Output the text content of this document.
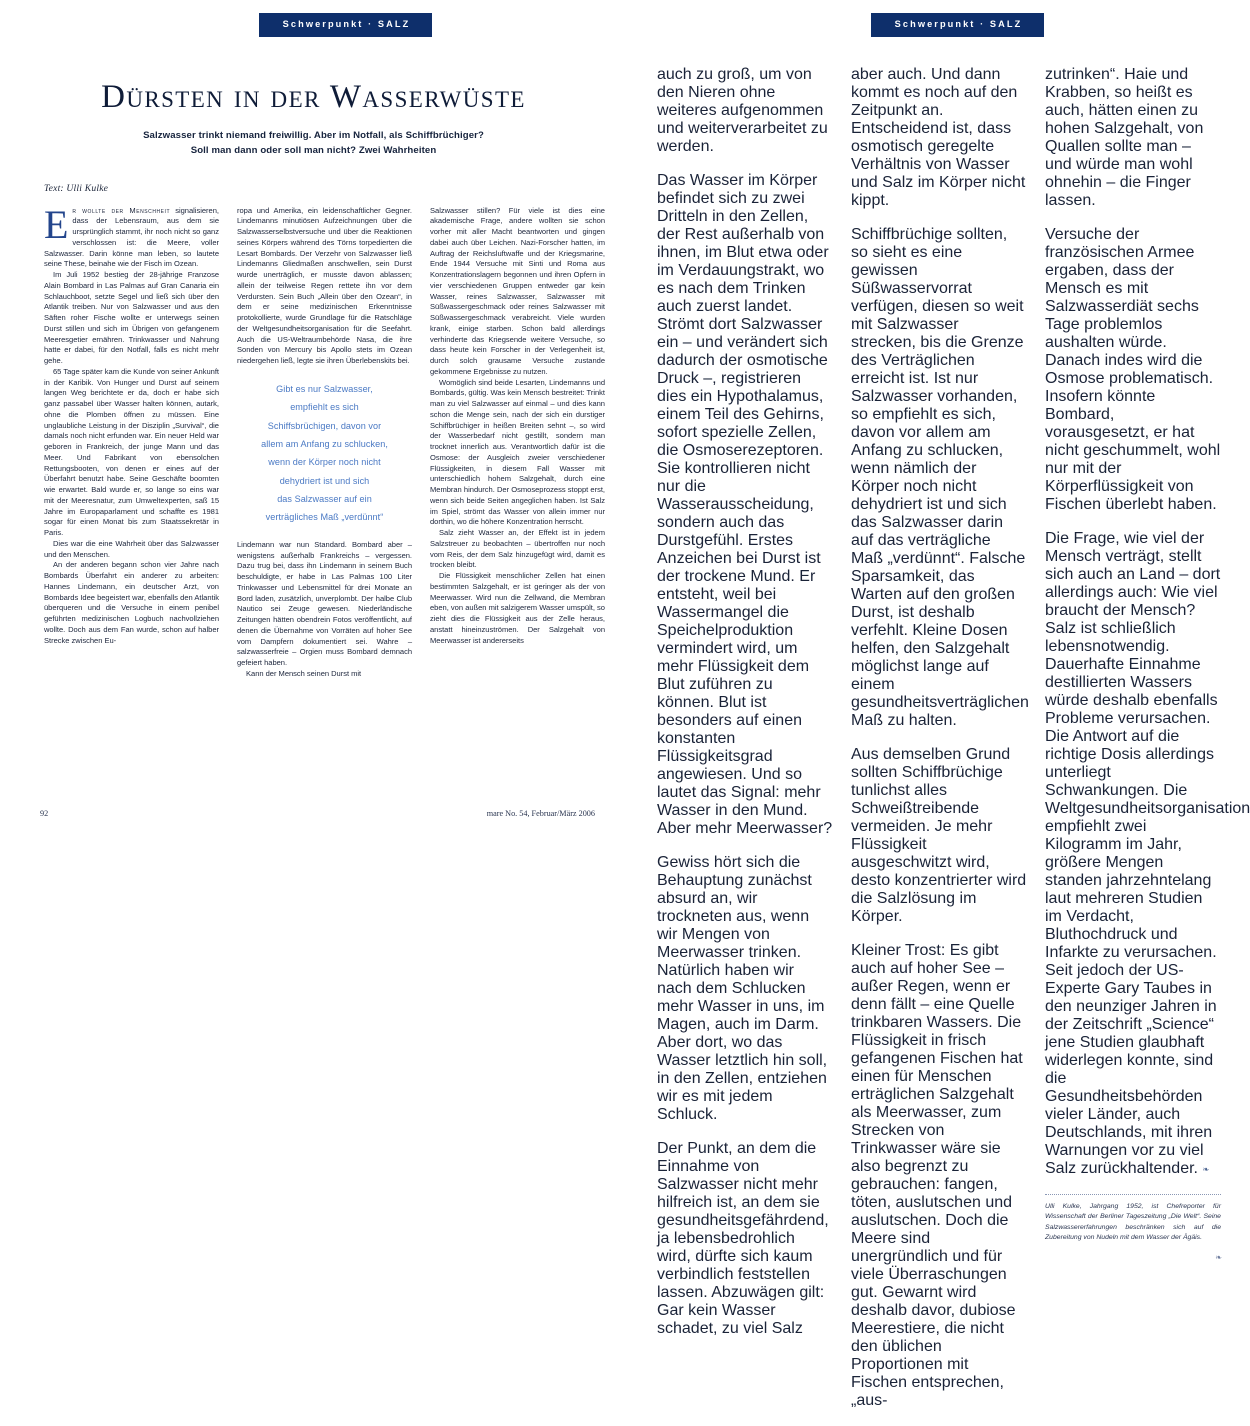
Schwerpunkt · SALZ
Dürsten in der Wasserwüste
Salzwasser trinkt niemand freiwillig. Aber im Notfall, als Schiffbrüchiger?
Soll man dann oder soll man nicht? Zwei Wahrheiten
Text: Ulli Kulke

Er wollte der Menschheit signalisieren, dass der Lebensraum, aus dem sie ursprünglich stammt, ihr noch nicht so ganz verschlossen ist: die Meere, voller Salzwasser. Darin könne man leben, so lautete seine These, beinahe wie der Fisch im Ozean.

Im Juli 1952 bestieg der 28-jährige Franzose Alain Bombard in Las Palmas auf Gran Canaria ein Schlauchboot, setzte Segel und ließ sich über den Atlantik treiben. Nur von Salzwasser und aus den Säften roher Fische wollte er unterwegs seinen Durst stillen und sich im Übrigen von gefangenem Meeresgetier ernähren. Trinkwasser und Nahrung hatte er dabei, für den Notfall, falls es nicht mehr gehe.

65 Tage später kam die Kunde von seiner Ankunft in der Karibik. Von Hunger und Durst auf seinem langen Weg berichtete er da, doch er habe sich ganz passabel über Wasser halten können, autark, ohne die Plomben öffnen zu müssen. Eine unglaubliche Leistung in der Disziplin „Survival“, die damals noch nicht erfunden war. Ein neuer Held war geboren in Frankreich, der junge Mann und das Meer. Und Fabrikant von ebensolchen Rettungsbooten, von denen er eines auf der Überfahrt benutzt habe. Seine Geschäfte boomten wie erwartet. Bald wurde er, so lange so eins war mit der Meeresnatur, zum Umweltexperten, saß 15 Jahre im Europaparlament und schaffte es 1981 sogar für einen Monat bis zum Staatssekretär in Paris.

Dies war die eine Wahrheit über das Salzwasser und den Menschen.

An der anderen begann schon vier Jahre nach Bombards Überfahrt ein anderer zu arbeiten: Hannes Lindemann, ein deutscher Arzt, von Bombards Idee begeistert war, ebenfalls den Atlantik überqueren und die Versuche in einem penibel geführten medizinischen Logbuch nachvollziehen wollte. Doch aus dem Fan wurde, schon auf halber Strecke zwischen Eu-

ropa und Amerika, ein leidenschaftlicher Gegner. Lindemanns minutiösen Aufzeichnungen über die Salzwasserselbstversuche und über die Reaktionen seines Körpers während des Törns torpedierten die Lesart Bombards. Der Verzehr von Salzwasser ließ Lindemanns Gliedmaßen anschwellen, sein Durst wurde unerträglich, er musste davon ablassen; allein der teilweise Regen rettete ihn vor dem Verdursten. Sein Buch „Allein über den Ozean“, in dem er seine medizinischen Erkenntnisse protokollierte, wurde Grundlage für die Ratschläge der Weltgesundheitsorganisation für die Seefahrt. Auch die US-Weltraumbehörde Nasa, die ihre Sonden von Mercury bis Apollo stets im Ozean niedergehen ließ, legte sie ihren Überlebenskits bei.

Gibt es nur Salzwasser,
empfiehlt es sich
Schiffsbrüchigen, davon vor
allem am Anfang zu schlucken,
wenn der Körper noch nicht
dehydriert ist und sich
das Salzwasser auf ein
verträgliches Maß „verdünnt“

Lindemann war nun Standard. Bombard aber – wenigstens außerhalb Frankreichs – vergessen. Dazu trug bei, dass ihn Lindemann in seinem Buch beschuldigte, er habe in Las Palmas 100 Liter Trinkwasser und Lebensmittel für drei Monate an Bord laden, zusätzlich, unverplombt. Der halbe Club Nautico sei Zeuge gewesen. Niederländische Zeitungen hätten obendrein Fotos veröffentlicht, auf denen die Übernahme von Vorräten auf hoher See vom Dampfern dokumentiert sei. Wahre – salzwasserfreie – Orgien muss Bombard demnach gefeiert haben.

Kann der Mensch seinen Durst mit

Salzwasser stillen? Für viele ist dies eine akademische Frage, andere wollten sie schon vorher mit aller Macht beantworten und gingen dabei auch über Leichen. Nazi-Forscher hatten, im Auftrag der Reichsluftwaffe und der Kriegsmarine, Ende 1944 Versuche mit Sinti und Roma aus Konzentrationslagern begonnen und ihren Opfern in vier verschiedenen Gruppen entweder gar kein Wasser, reines Salzwasser, Salzwasser mit Süßwassergeschmack oder reines Salzwasser mit Süßwassergeschmack verabreicht. Viele wurden krank, einige starben. Schon bald allerdings verhinderte das Kriegsende weitere Versuche, so dass heute kein Forscher in der Verlegenheit ist, durch solch grausame Versuche zustande gekommene Ergebnisse zu nutzen.

Womöglich sind beide Lesarten, Lindemanns und Bombards, gültig. Was kein Mensch bestreitet: Trinkt man zu viel Salzwasser auf einmal – und dies kann schon die Menge sein, nach der sich ein durstiger Schiffbrüchiger in heißen Breiten sehnt –, so wird der Wasserbedarf nicht gestillt, sondern man trocknet innerlich aus. Verantwortlich dafür ist die Osmose: der Ausgleich zweier verschiedener Flüssigkeiten, in diesem Fall Wasser mit unterschiedlich hohem Salzgehalt, durch eine Membran hindurch. Der Osmoseprozess stoppt erst, wenn sich beide Seiten angeglichen haben. Ist Salz im Spiel, strömt das Wasser von allein immer nur dorthin, wo die höhere Konzentration herrscht.

Salz zieht Wasser an, der Effekt ist in jedem Salzstreuer zu beobachten – übertroffen nur noch vom Reis, der dem Salz hinzugefügt wird, damit es trocken bleibt.

Die Flüssigkeit menschlicher Zellen hat einen bestimmten Salzgehalt, er ist geringer als der von Meerwasser. Wird nun die Zellwand, die Membran eben, von außen mit salzigerem Wasser umspült, so zieht dies die Flüssigkeit aus der Zelle heraus, anstatt hineinzuströmen. Der Salzgehalt von Meerwasser ist andererseits

92	mare No. 54, Februar/März 2006
Schwerpunkt · SALZ

auch zu groß, um von den Nieren ohne weiteres aufgenommen und weiterverarbeitet zu werden.

Das Wasser im Körper befindet sich zu zwei Dritteln in den Zellen, der Rest außerhalb von ihnen, im Blut etwa oder im Verdauungstrakt, wo es nach dem Trinken auch zuerst landet. Strömt dort Salzwasser ein – und verändert sich dadurch der osmotische Druck –, registrieren dies ein Hypothalamus, einem Teil des Gehirns, sofort spezielle Zellen, die Osmoserezeptoren. Sie kontrollieren nicht nur die Wasserausscheidung, sondern auch das Durstgefühl. Erstes Anzeichen bei Durst ist der trockene Mund. Er entsteht, weil bei Wassermangel die Speichelproduktion vermindert wird, um mehr Flüssigkeit dem Blut zuführen zu können. Blut ist besonders auf einen konstanten Flüssigkeitsgrad angewiesen. Und so lautet das Signal: mehr Wasser in den Mund. Aber mehr Meerwasser?

Gewiss hört sich die Behauptung zunächst absurd an, wir trockneten aus, wenn wir Mengen von Meerwasser trinken. Natürlich haben wir nach dem Schlucken mehr Wasser in uns, im Magen, auch im Darm. Aber dort, wo das Wasser letztlich hin soll, in den Zellen, entziehen wir es mit jedem Schluck.

Der Punkt, an dem die Einnahme von Salzwasser nicht mehr hilfreich ist, an dem sie gesundheitsgefährdend, ja lebensbedrohlich wird, dürfte sich kaum verbindlich feststellen lassen. Abzuwägen gilt: Gar kein Wasser schadet, zu viel Salz

aber auch. Und dann kommt es noch auf den Zeitpunkt an. Entscheidend ist, dass osmotisch geregelte Verhältnis von Wasser und Salz im Körper nicht kippt.

Schiffbrüchige sollten, so sieht es eine gewissen Süßwasservorrat verfügen, diesen so weit mit Salzwasser strecken, bis die Grenze des Verträglichen erreicht ist. Ist nur Salzwasser vorhanden, so empfiehlt es sich, davon vor allem am Anfang zu schlucken, wenn nämlich der Körper noch nicht dehydriert ist und sich das Salzwasser darin auf das verträgliche Maß „verdünnt“. Falsche Sparsamkeit, das Warten auf den großen Durst, ist deshalb verfehlt. Kleine Dosen helfen, den Salzgehalt möglichst lange auf einem gesundheitsverträglichen Maß zu halten.

Aus demselben Grund sollten Schiffbrüchige tunlichst alles Schweißtreibende vermeiden. Je mehr Flüssigkeit ausgeschwitzt wird, desto konzentrierter wird die Salzlösung im Körper.

Kleiner Trost: Es gibt auch auf hoher See – außer Regen, wenn er denn fällt – eine Quelle trinkbaren Wassers. Die Flüssigkeit in frisch gefangenen Fischen hat einen für Menschen erträglichen Salzgehalt als Meerwasser, zum Strecken von Trinkwasser wäre sie also begrenzt zu gebrauchen: fangen, töten, auslutschen und auslutschen. Doch die Meere sind unergründlich und für viele Überraschungen gut. Gewarnt wird deshalb davor, dubiose Meerestiere, die nicht den üblichen Proportionen mit Fischen entsprechen, „aus-

zutrinken“. Haie und Krabben, so heißt es auch, hätten einen zu hohen Salzgehalt, von Quallen sollte man – und würde man wohl ohnehin – die Finger lassen.

Versuche der französischen Armee ergaben, dass der Mensch es mit Salzwasserdiät sechs Tage problemlos aushalten würde. Danach indes wird die Osmose problematisch. Insofern könnte Bombard, vorausgesetzt, er hat nicht geschummelt, wohl nur mit der Körperflüssigkeit von Fischen überlebt haben.

Die Frage, wie viel der Mensch verträgt, stellt sich auch an Land – dort allerdings auch: Wie viel braucht der Mensch? Salz ist schließlich lebensnotwendig. Dauerhafte Einnahme destillierten Wassers würde deshalb ebenfalls Probleme verursachen. Die Antwort auf die richtige Dosis allerdings unterliegt Schwankungen. Die Weltgesundheitsorganisation empfiehlt zwei Kilogramm im Jahr, größere Mengen standen jahrzehntelang laut mehreren Studien im Verdacht, Bluthochdruck und Infarkte zu verursachen. Seit jedoch der US-Experte Gary Taubes in den neunziger Jahren in der Zeitschrift „Science“ jene Studien glaubhaft widerlegen konnte, sind die Gesundheitsbehörden vieler Länder, auch Deutschlands, mit ihren Warnungen vor zu viel Salz zurückhaltender. ❧

Ulli Kulke, Jahrgang 1952, ist Chefreporter für Wissenschaft der Berliner Tageszeitung „Die Welt“. Seine Salzwassererfahrungen beschränken sich auf die Zubereitung von Nudeln mit dem Wasser der Ägäis.

❧
